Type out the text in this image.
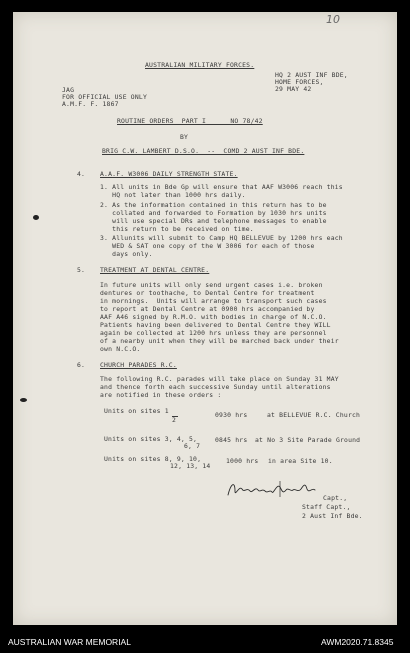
10
AUSTRALIAN MILITARY FORCES.
HQ 2 AUST INF BDE,
HOME FORCES,
29 MAY 42
JAG
FOR OFFICIAL USE ONLY
A.M.F. F. 1867
ROUTINE ORDERS  PART I      NO 78/42
BY
BRIG C.W. LAMBERT D.S.O.  --  COMD 2 AUST INF BDE.
4. A.A.F. W3006 DAILY STRENGTH STATE.
1. All units in Bde Gp will ensure that AAF W3006 reach this
HQ not later than 1000 hrs daily.
2. As the information contained in this return has to be
collated and forwarded to Formation by 1030 hrs units
will use special DRs and telephone messages to enable
this return to be received on time.
3. Allunits will submit to Camp HQ BELLEVUE by 1200 hrs each
WED & SAT one copy of the W 3006 for each of those
days only.
5. TREATMENT AT DENTAL CENTRE.
In future units will only send urgent cases i.e. broken
dentures or toothache, to Dental Centre for treatment
in mornings.  Units will arrange to transport such cases
to report at Dental Centre at 0900 hrs accompanied by
AAF A46 signed by R.M.O. with bodies in charge of N.C.O.
Patients having been delivered to Dental Centre they WILL
again be collected at 1200 hrs unless they are personnel
of a nearby unit when they will be marched back under their
own N.C.O.
6. CHURCH PARADES R.C.
The following R.C. parades will take place on Sunday 31 MAY
and thence forth each successive Sunday until alterations
are notified in these orders :
Units on sites 1
2
0930 hrs	at BELLEVUE R.C. Church
Units on sites 3, 4, 5,
6, 7
0845 hrs at No 3 Site Parade Ground
Units on sites 8, 9, 10,
12, 13, 14
1000 hrs in area Site 10.
Capt.,
Staff Capt.,
2 Aust Inf Bde.
AUSTRALIAN WAR MEMORIAL	AWM2020.71.8345
